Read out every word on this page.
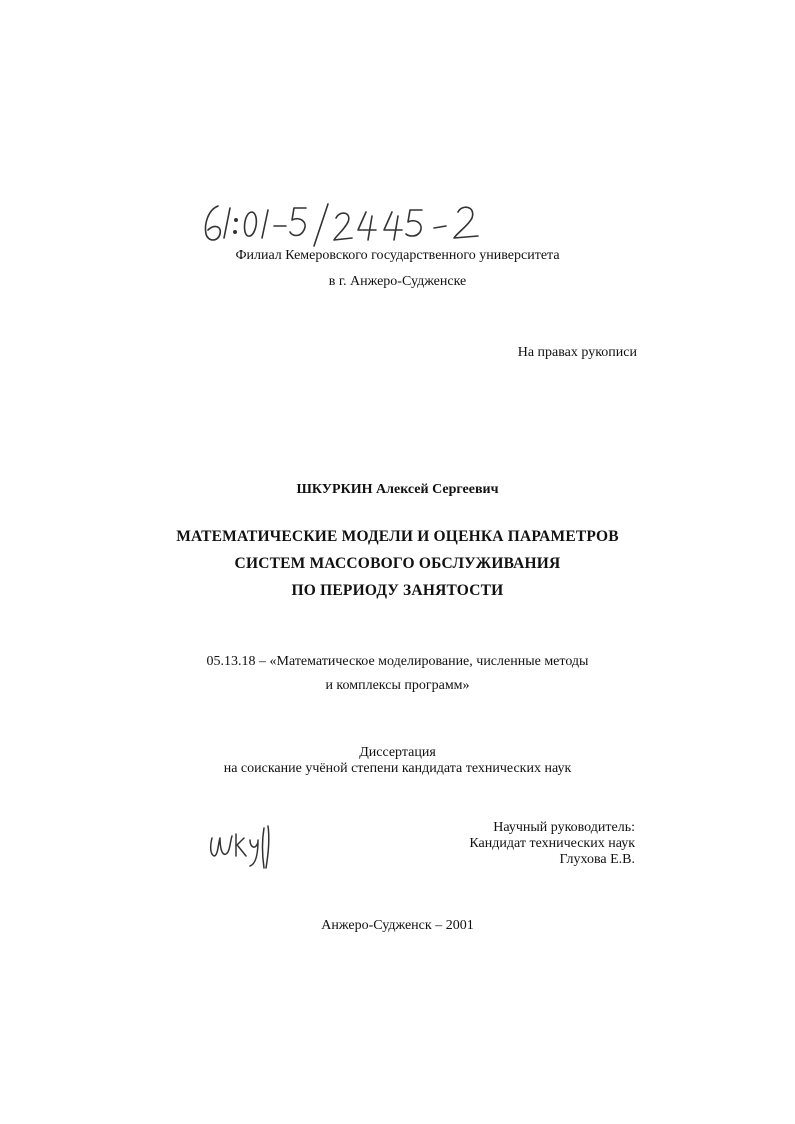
Филиал Кемеровского государственного университета
в г. Анжеро-Судженске
На правах рукописи
ШКУРКИН Алексей Сергеевич
МАТЕМАТИЧЕСКИЕ МОДЕЛИ И ОЦЕНКА ПАРАМЕТРОВ
СИСТЕМ МАССОВОГО ОБСЛУЖИВАНИЯ
ПО ПЕРИОДУ ЗАНЯТОСТИ
05.13.18 – «Математическое моделирование, численные методы
и комплексы программ»
Диссертация
на соискание учёной степени кандидата технических наук
Научный руководитель:
Кандидат технических наук
Глухова Е.В.
Анжеро-Судженск – 2001
